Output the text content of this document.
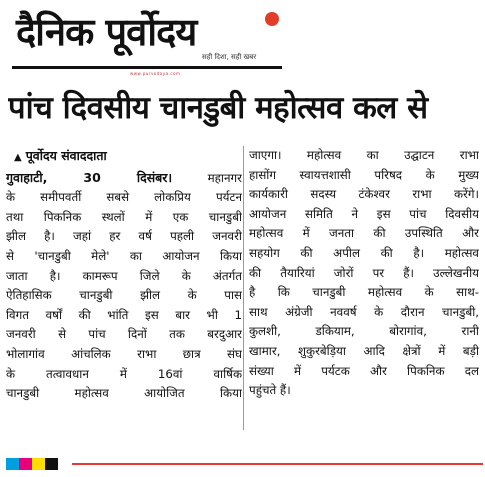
दैनिक पूर्वोदय
सही दिशा, सही खबर
www.purvodaya.com
पांच दिवसीय चानडुबी महोत्सव कल से
▲ पूर्वोदय संवाददाता
गुवाहाटी, 30 दिसंबर। महानगर
के समीपवर्ती सबसे लोकप्रिय पर्यटन
तथा पिकनिक स्थलों में एक चानडुबी
झील है। जहां हर वर्ष पहली जनवरी
से 'चानडुबी मेले' का आयोजन किया
जाता है। कामरूप जिले के अंतर्गत
ऐतिहासिक चानडुबी झील के पास
विगत वर्षों की भांति इस बार भी 1
जनवरी से पांच दिनों तक बरदुआर
भोलागांव आंचलिक राभा छात्र संघ
के तत्वावधान में 16वां वार्षिक
चानडुबी महोत्सव आयोजित किया
जाएगा। महोत्सव का उद्घाटन राभा
हासोंग स्वायत्तशासी परिषद के मुख्य
कार्यकारी सदस्य टंकेश्वर राभा करेंगे।
आयोजन समिति ने इस पांच दिवसीय
महोत्सव में जनता की उपस्थिति और
सहयोग की अपील की है। महोत्सव
की तैयारियां जोरों पर हैं। उल्लेखनीय
है कि चानडुबी महोत्सव के साथ-
साथ अंग्रेजी नववर्ष के दौरान चानडुबी,
कुलशी, डकियाम, बोरागांव, रानी
खामार, शुकुरबेड़िया आदि क्षेत्रों में बड़ी
संख्या में पर्यटक और पिकनिक दल
पहुंचते हैं।
